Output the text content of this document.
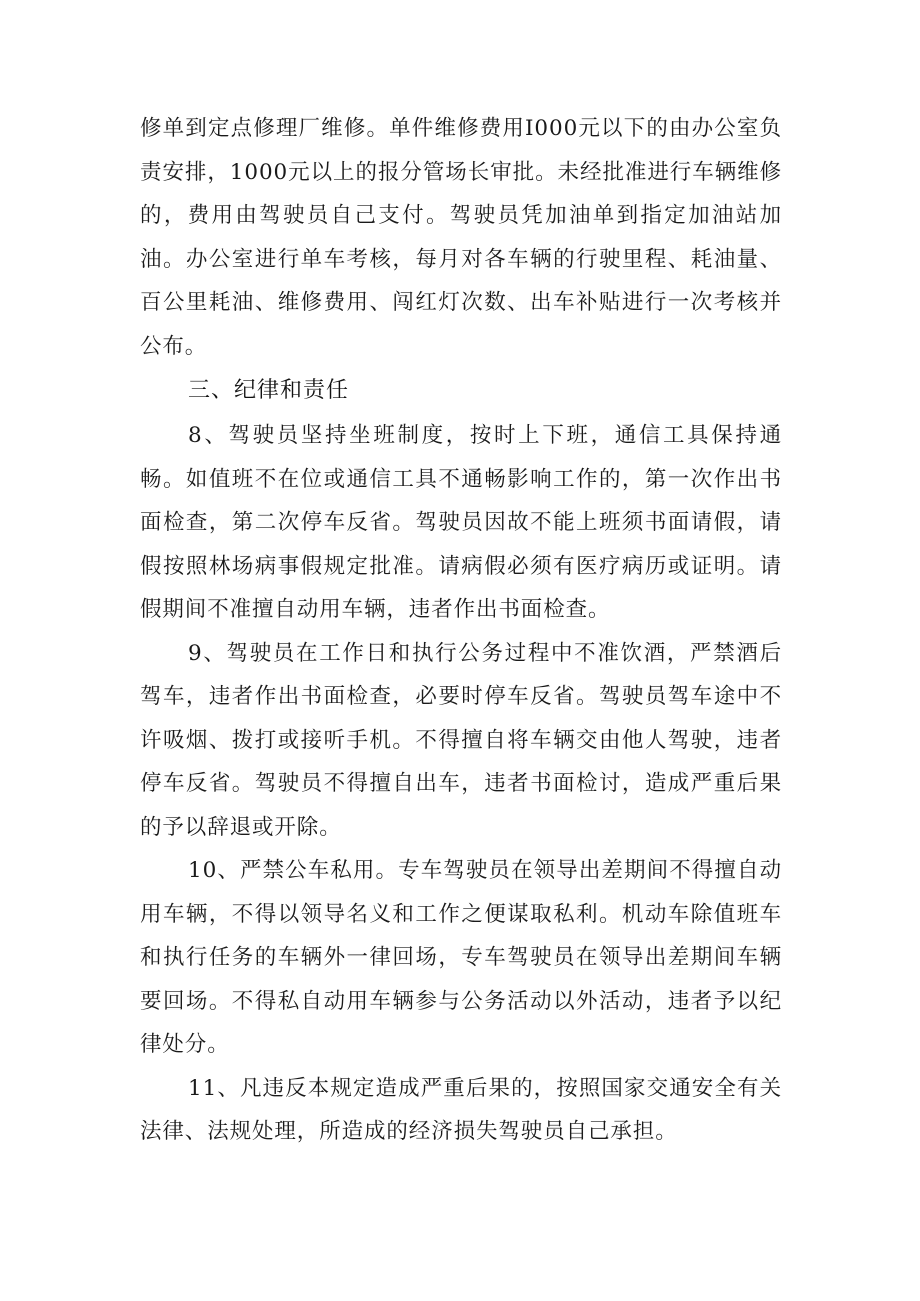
修单到定点修理厂维修。单件维修费用I000元以下的由办公室负责安排，1000元以上的报分管场长审批。未经批准进行车辆维修的，费用由驾驶员自己支付。驾驶员凭加油单到指定加油站加油。办公室进行单车考核，每月对各车辆的行驶里程、耗油量、百公里耗油、维修费用、闯红灯次数、出车补贴进行一次考核并公布。

三、纪律和责任

8、驾驶员坚持坐班制度，按时上下班，通信工具保持通畅。如值班不在位或通信工具不通畅影响工作的，第一次作出书面检查，第二次停车反省。驾驶员因故不能上班须书面请假，请假按照林场病事假规定批准。请病假必须有医疗病历或证明。请假期间不准擅自动用车辆，违者作出书面检查。

9、驾驶员在工作日和执行公务过程中不准饮酒，严禁酒后驾车，违者作出书面检查，必要时停车反省。驾驶员驾车途中不许吸烟、拨打或接听手机。不得擅自将车辆交由他人驾驶，违者停车反省。驾驶员不得擅自出车，违者书面检讨，造成严重后果的予以辞退或开除。

10、严禁公车私用。专车驾驶员在领导出差期间不得擅自动用车辆，不得以领导名义和工作之便谋取私利。机动车除值班车和执行任务的车辆外一律回场，专车驾驶员在领导出差期间车辆要回场。不得私自动用车辆参与公务活动以外活动，违者予以纪律处分。

11、凡违反本规定造成严重后果的，按照国家交通安全有关法律、法规处理，所造成的经济损失驾驶员自己承担。
